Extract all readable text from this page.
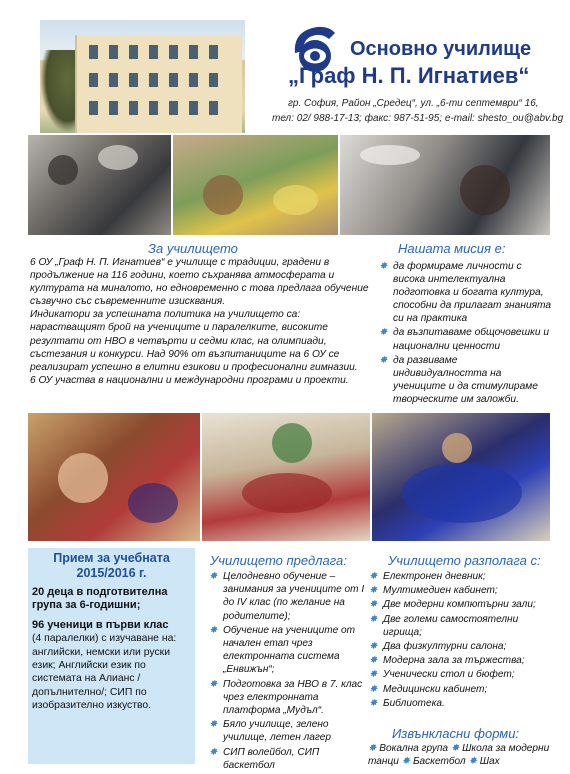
Основно училище
„Граф Н. П. Игнатиев“
гр. София, Район „Средец“, ул. „6-ти септември“ 16,
тел: 02/ 988-17-13; факс: 987-51-95; e-mail: shesto_ou@abv.bg
За училището
6 ОУ „Граф Н. П. Игнатиев“ е училище с традиции, градени в продължение на 116 години, което съхранява атмосферата и културата на миналото, но едновременно с това предлага обучение съзвучно със съвременните изисквания.
Индикатори за успешната политика на училището са: нарастващият брой на учениците и паралелките, високите резултати от НВО в четвърти и седми клас, на олимпиади, състезания и конкурси. Над 90% от възпитаниците на 6 ОУ се реализират успешно в елитни езикови и професионални гимназии.
6 ОУ участва в национални и международни програми и проекти.
Нашата мисия е:
✸ да формираме личности с висока интелектуална подготовка и богата култура, способни да прилагат знанията си на практика
✸ да възпитаваме общочовешки и национални ценности
✸ да развиваме индивидуалността на учениците и да стимулираме творческите им заложби.
Прием за учебната 2015/2016 г.
20 деца в подготвителна група за 6-годишни;
96 ученици в първи клас
(4 паралелки) с изучаване на: английски, немски или руски език; Английски език по системата на Алианс / допълнително/; СИП по изобразително изкуство.
Училището предлага:
✸ Целодневно обучение – занимания за учениците от I до IV клас (по желание на родителите);
✸ Обучение на учениците от начален етап чрез електронната система „Енвижън“;
✸ Подготовка за НВО в 7. клас чрез електронната платформа „Мудъл“.
✸ Бяло училище, зелено училище, летен лагер
✸ СИП волейбол, СИП баскетбол
Училището разполага с:
✸ Електронен дневник;
✸ Мултимедиен кабинет;
✸ Две модерни компютърни зали;
✸ Две големи самостоятелни игрища;
✸ Два физкултурни салона;
✸ Модерна зала за тържества;
✸ Ученически стол и бюфет;
✸ Медицински кабинет;
✸ Библиотека.
Извънкласни форми:
✸ Вокална група ✸ Школа за модерни танци ✸ Баскетбол ✸ Шах
